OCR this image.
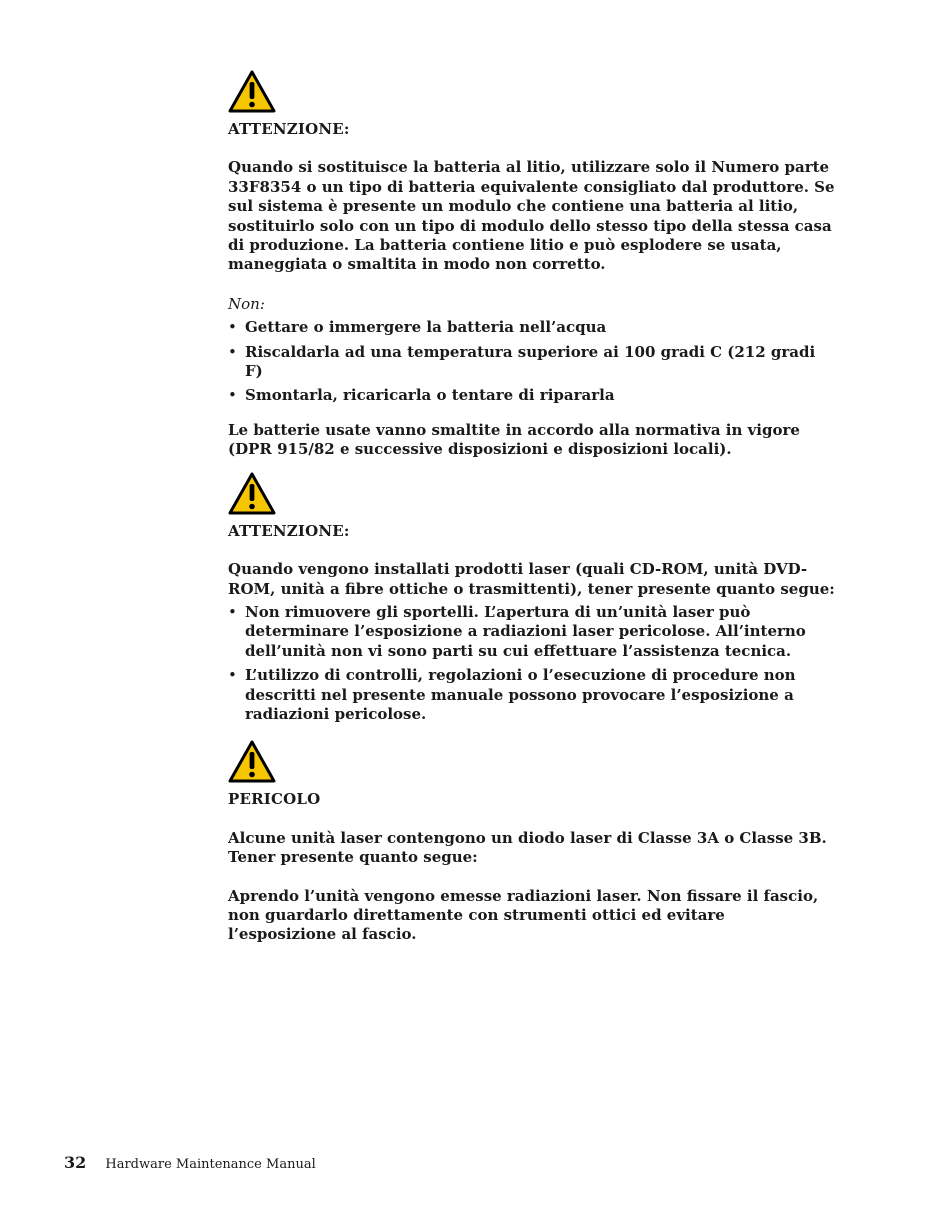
ATTENZIONE:

Quando si sostituisce la batteria al litio, utilizzare solo il Numero parte 33F8354 o un tipo di batteria equivalente consigliato dal produttore. Se sul sistema è presente un modulo che contiene una batteria al litio, sostituirlo solo con un tipo di modulo dello stesso tipo della stessa casa di produzione. La batteria contiene litio e può esplodere se usata, maneggiata o smaltita in modo non corretto.

Non:

• Gettare o immergere la batteria nell’acqua
• Riscaldarla ad una temperatura superiore ai 100 gradi C (212 gradi F)
• Smontarla, ricaricarla o tentare di ripararla

Le batterie usate vanno smaltite in accordo alla normativa in vigore (DPR 915/82 e successive disposizioni e disposizioni locali).

ATTENZIONE:

Quando vengono installati prodotti laser (quali CD-ROM, unità DVD-ROM, unità a fibre ottiche o trasmittenti), tener presente quanto segue:

• Non rimuovere gli sportelli. L’apertura di un’unità laser può determinare l’esposizione a radiazioni laser pericolose. All’interno dell’unità non vi sono parti su cui effettuare l’assistenza tecnica.
• L’utilizzo di controlli, regolazioni o l’esecuzione di procedure non descritti nel presente manuale possono provocare l’esposizione a radiazioni pericolose.
PERICOLO

Alcune unità laser contengono un diodo laser di Classe 3A o Classe 3B. Tener presente quanto segue:

Aprendo l’unità vengono emesse radiazioni laser. Non fissare il fascio, non guardarlo direttamente con strumenti ottici ed evitare l’esposizione al fascio.

32 Hardware Maintenance Manual
